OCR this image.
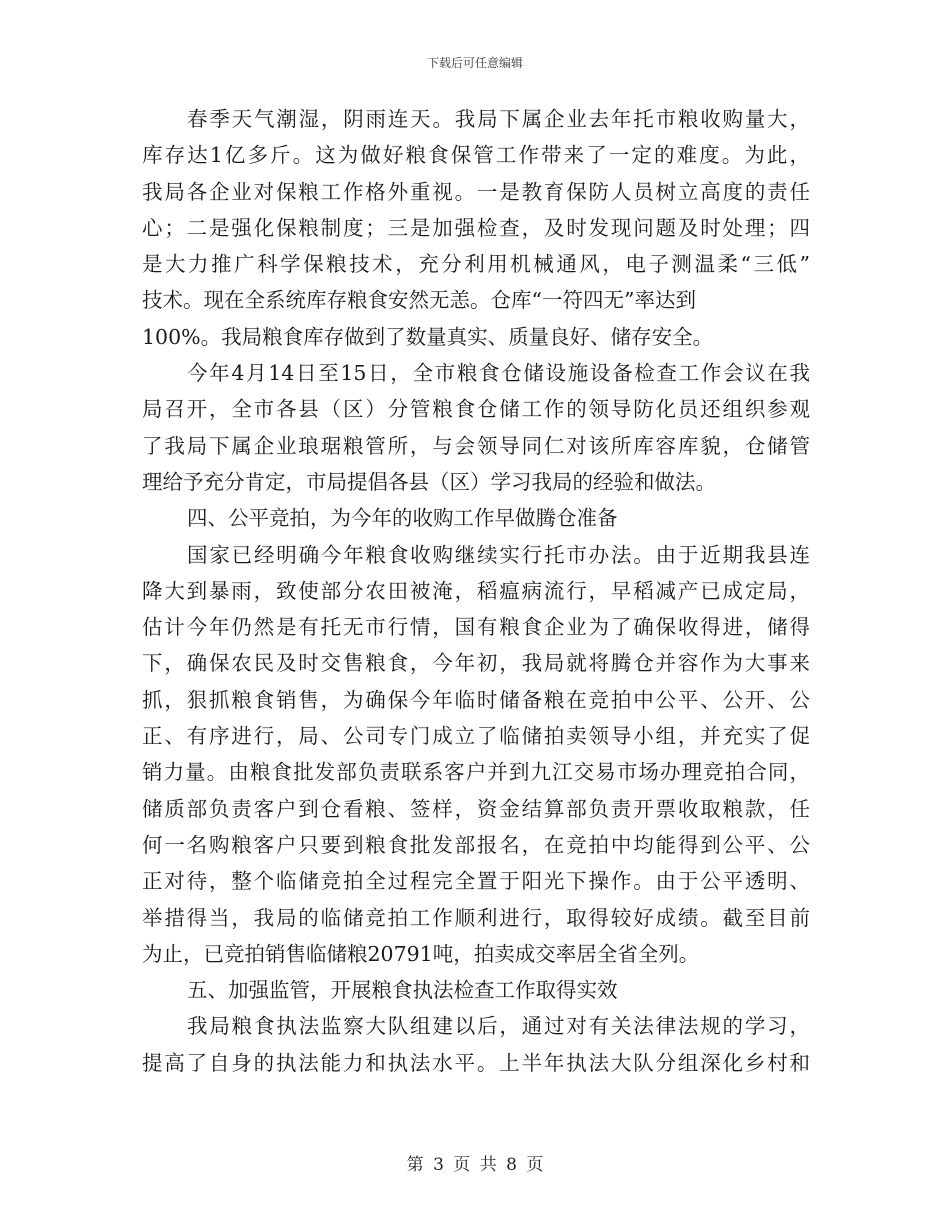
下载后可任意编辑
春季天气潮湿，阴雨连天。我局下属企业去年托市粮收购量大，
库存达1亿多斤。这为做好粮食保管工作带来了一定的难度。为此，
我局各企业对保粮工作格外重视。一是教育保防人员树立高度的责任
心；二是强化保粮制度；三是加强检查，及时发现问题及时处理；四
是大力推广科学保粮技术，充分利用机械通风，电子测温柔“三低”
技术。现在全系统库存粮食安然无恙。仓库“一符四无”率达到
100%。我局粮食库存做到了数量真实、质量良好、储存安全。
今年4月14日至15日，全市粮食仓储设施设备检查工作会议在我
局召开，全市各县（区）分管粮食仓储工作的领导防化员还组织参观
了我局下属企业琅琚粮管所，与会领导同仁对该所库容库貌，仓储管
理给予充分肯定，市局提倡各县（区）学习我局的经验和做法。
四、公平竞拍，为今年的收购工作早做腾仓准备
国家已经明确今年粮食收购继续实行托市办法。由于近期我县连
降大到暴雨，致使部分农田被淹，稻瘟病流行，早稻减产已成定局，
估计今年仍然是有托无市行情，国有粮食企业为了确保收得进，储得
下，确保农民及时交售粮食，今年初，我局就将腾仓并容作为大事来
抓，狠抓粮食销售，为确保今年临时储备粮在竞拍中公平、公开、公
正、有序进行，局、公司专门成立了临储拍卖领导小组，并充实了促
销力量。由粮食批发部负责联系客户并到九江交易市场办理竞拍合同，
储质部负责客户到仓看粮、签样，资金结算部负责开票收取粮款，任
何一名购粮客户只要到粮食批发部报名，在竞拍中均能得到公平、公
正对待，整个临储竞拍全过程完全置于阳光下操作。由于公平透明、
举措得当，我局的临储竞拍工作顺利进行，取得较好成绩。截至目前
为止，已竞拍销售临储粮20791吨，拍卖成交率居全省全列。
五、加强监管，开展粮食执法检查工作取得实效
我局粮食执法监察大队组建以后，通过对有关法律法规的学习，
提高了自身的执法能力和执法水平。上半年执法大队分组深化乡村和
第 3 页 共 8 页
